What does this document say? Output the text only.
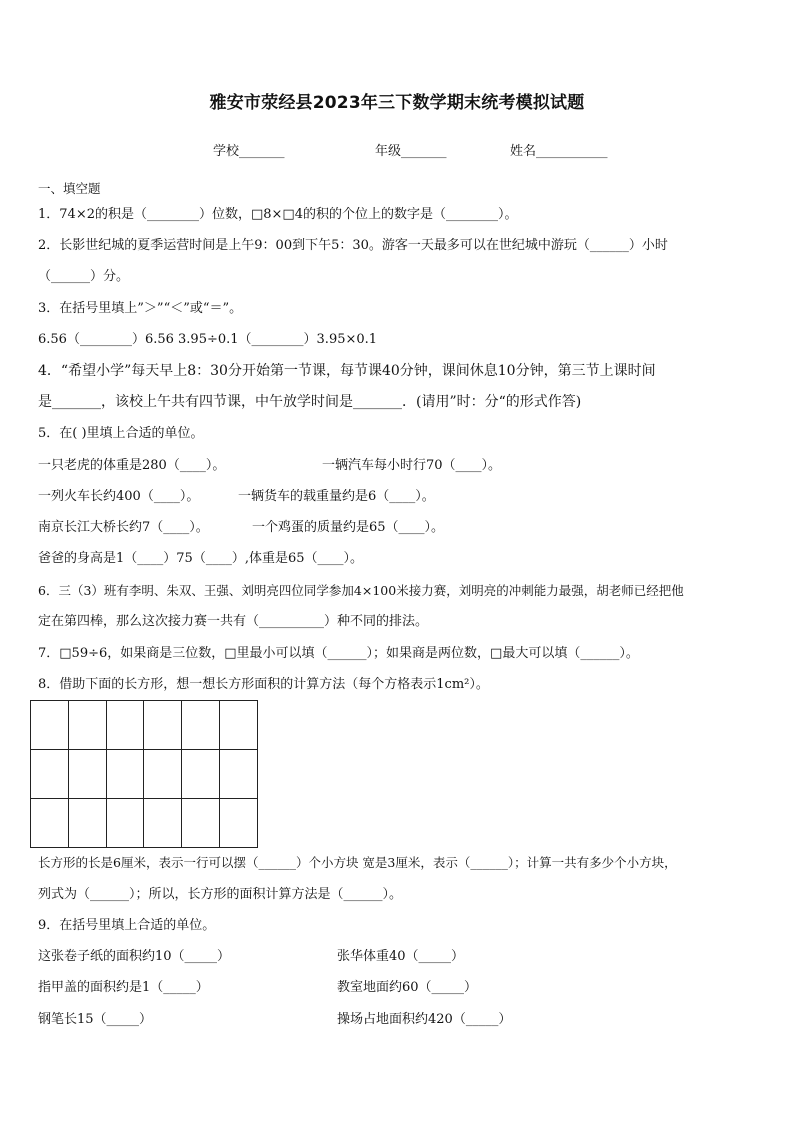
雅安市荥经县2023年三下数学期末统考模拟试题
学校_______	年级_______	姓名___________
一、填空题
1．74×2的积是（________）位数，□8×□4的积的个位上的数字是（________）。
2．长影世纪城的夏季运营时间是上午9：00到下午5：30。游客一天最多可以在世纪城中游玩（______）小时
（______）分。
3．在括号里填上”＞”“＜”或“＝”。
6.56（________）6.56 3.95÷0.1（________）3.95×0.1
4．“希望小学”每天早上8：30分开始第一节课，每节课40分钟，课间休息10分钟，第三节上课时间
是_______，该校上午共有四节课，中午放学时间是_______．(请用”时：分“的形式作答)
5．在( )里填上合适的单位。
一只老虎的体重是280（____）。	一辆汽车每小时行70（____）。
一列火车长约400（____）。	一辆货车的载重量约是6（____）。
南京长江大桥长约7（____）。	一个鸡蛋的质量约是65（____）。
爸爸的身高是1（____）75（____）,体重是65（____）。
6．三（3）班有李明、朱双、王强、刘明亮四位同学参加4×100米接力赛，刘明亮的冲刺能力最强，胡老师已经把他
定在第四棒，那么这次接力赛一共有（__________）种不同的排法。
7．□59÷6，如果商是三位数，□里最小可以填（______）；如果商是两位数，□最大可以填（______）。
8．借助下面的长方形，想一想长方形面积的计算方法（每个方格表示1cm²）。

长方形的长是6厘米，表示一行可以摆（______）个小方块 宽是3厘米，表示（______）；计算一共有多少个小方块，
列式为（______）；所以，长方形的面积计算方法是（______）。
9．在括号里填上合适的单位。
这张卷子纸的面积约10（_____）	张华体重40（_____）
指甲盖的面积约是1（_____）	教室地面约60（_____）
钢笔长15（_____）	操场占地面积约420（_____）
